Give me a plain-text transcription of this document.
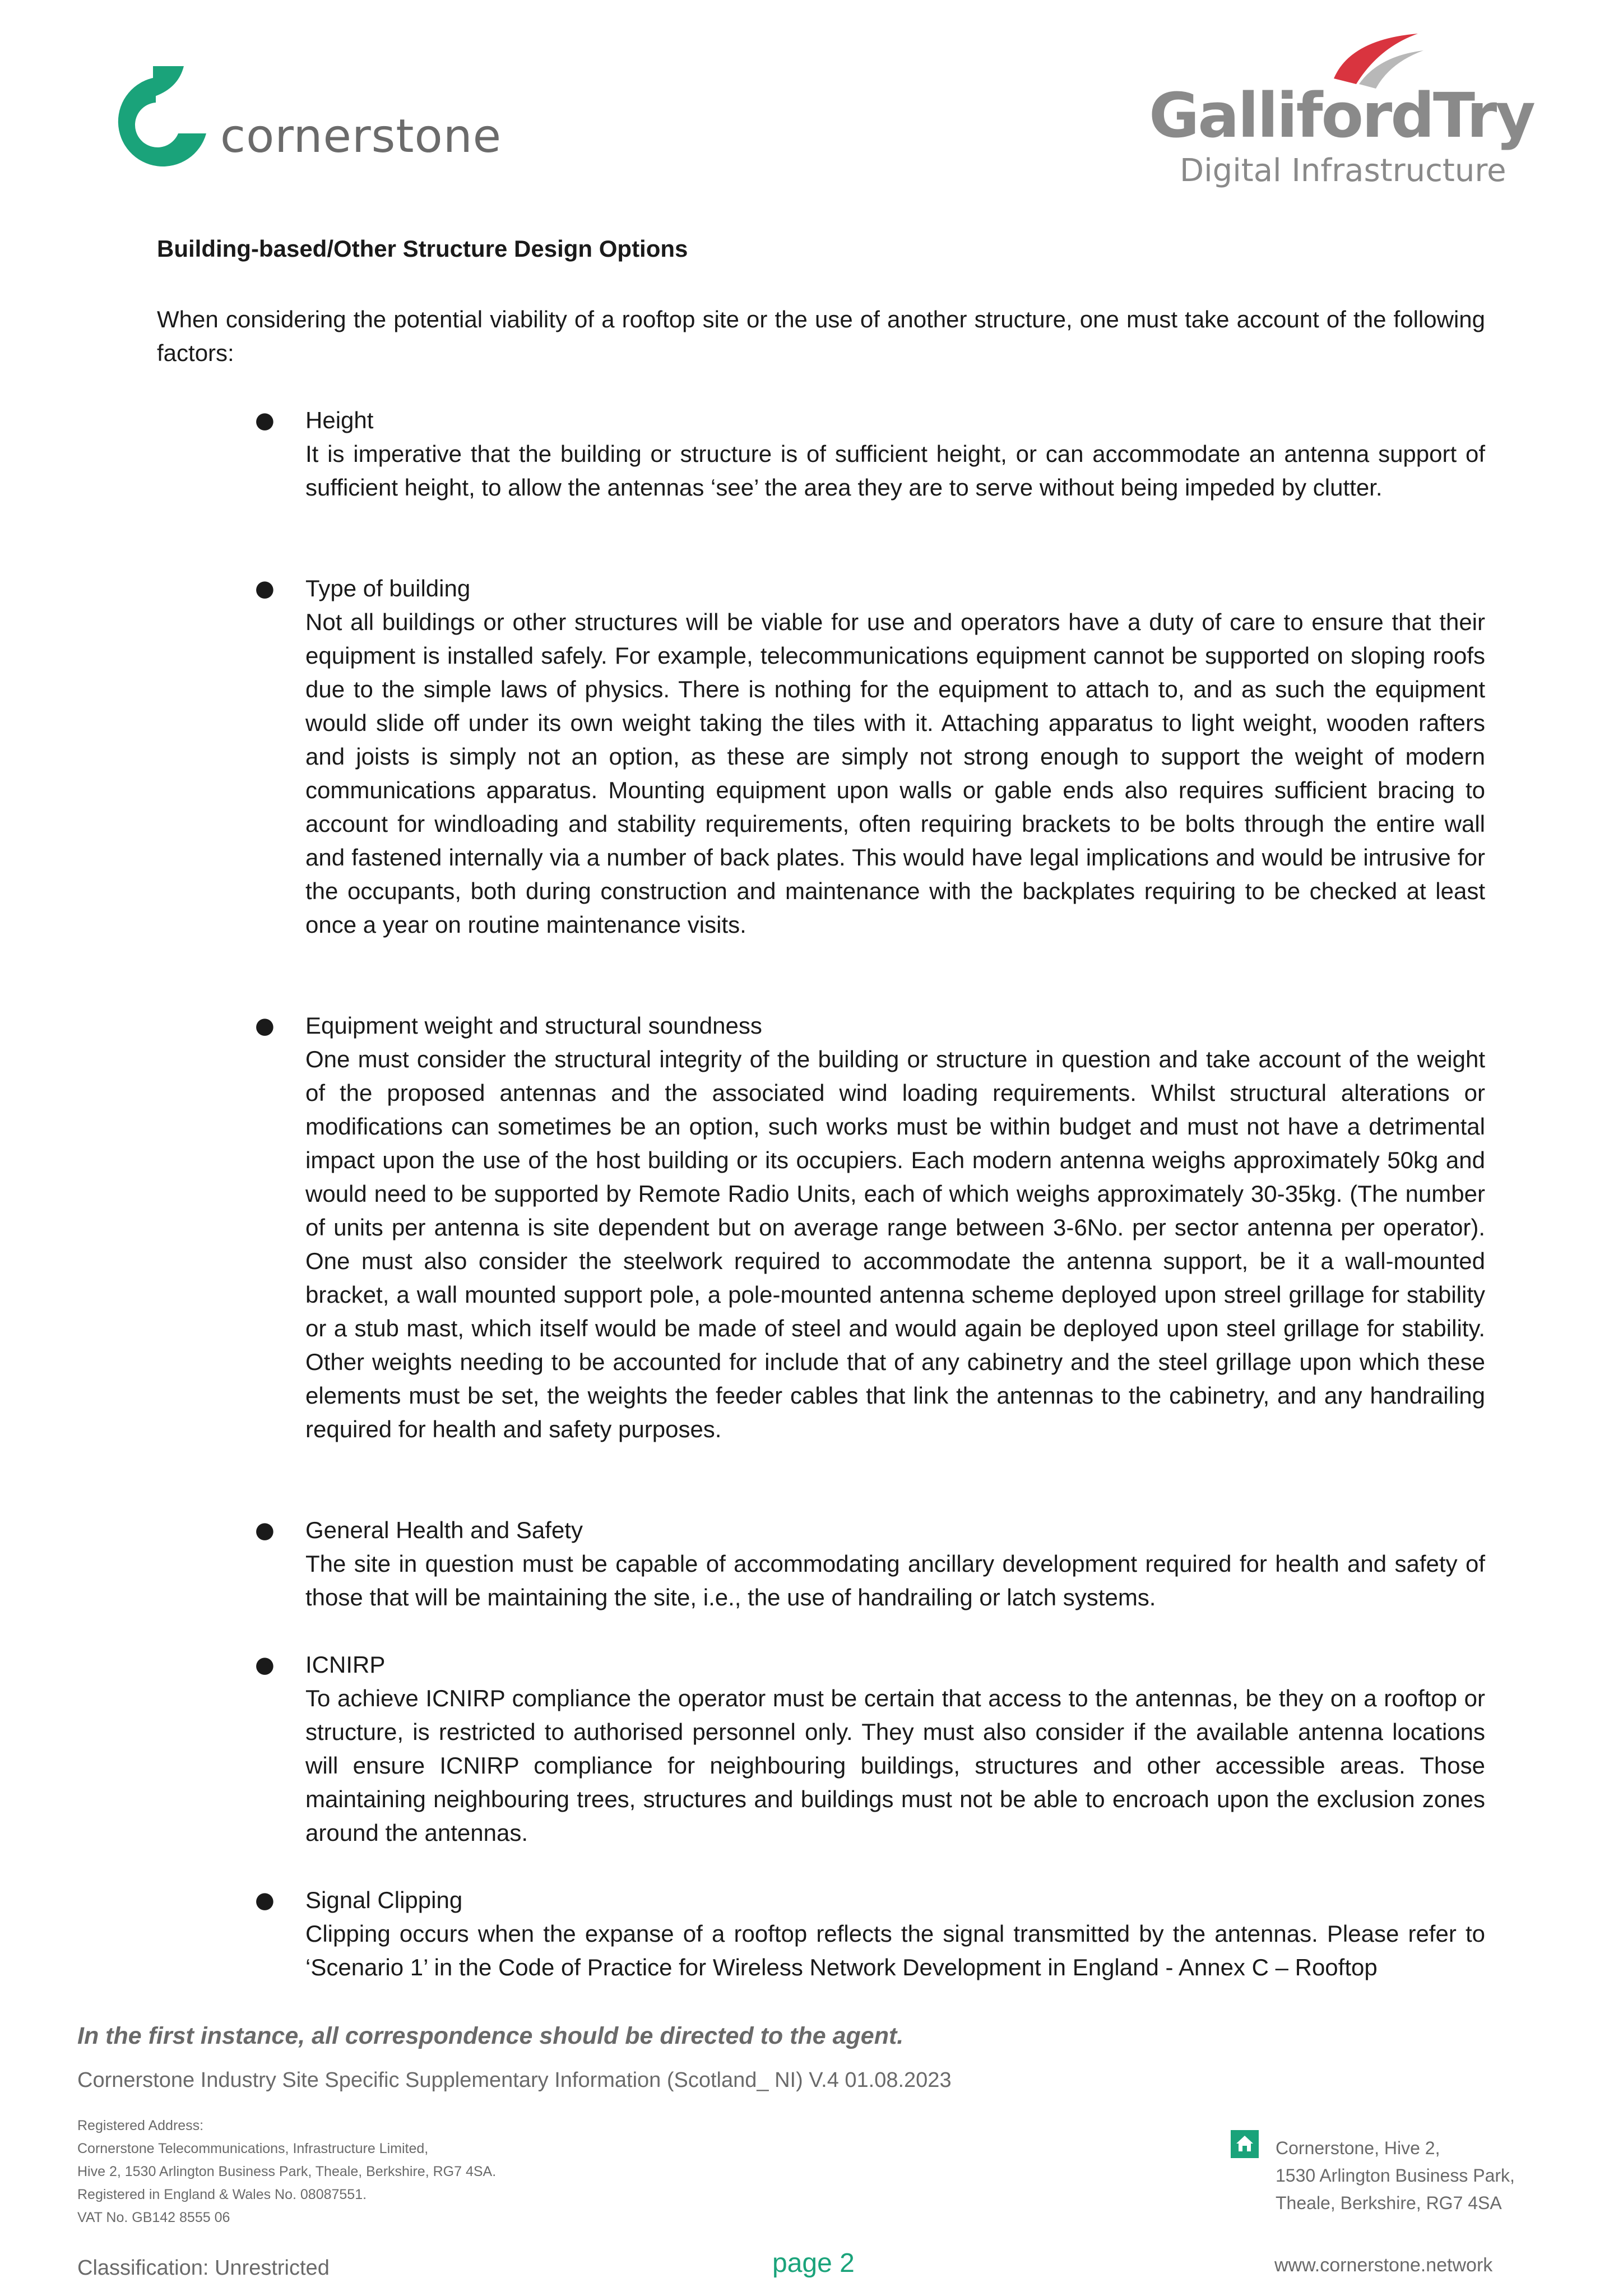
cornerstone	GallifordTry
Digital Infrastructure
Building-based/Other Structure Design Options
When considering the potential viability of a rooftop site or the use of another structure, one must take account of the following factors:
● Height
It is imperative that the building or structure is of sufficient height, or can accommodate an antenna support of sufficient height, to allow the antennas ‘see’ the area they are to serve without being impeded by clutter.
● Type of building
Not all buildings or other structures will be viable for use and operators have a duty of care to ensure that their equipment is installed safely. For example, telecommunications equipment cannot be supported on sloping roofs due to the simple laws of physics. There is nothing for the equipment to attach to, and as such the equipment would slide off under its own weight taking the tiles with it. Attaching apparatus to light weight, wooden rafters and joists is simply not an option, as these are simply not strong enough to support the weight of modern communications apparatus. Mounting equipment upon walls or gable ends also requires sufficient bracing to account for windloading and stability requirements, often requiring brackets to be bolts through the entire wall and fastened internally via a number of back plates. This would have legal implications and would be intrusive for the occupants, both during construction and maintenance with the backplates requiring to be checked at least once a year on routine maintenance visits.
● Equipment weight and structural soundness
One must consider the structural integrity of the building or structure in question and take account of the weight of the proposed antennas and the associated wind loading requirements. Whilst structural alterations or modifications can sometimes be an option, such works must be within budget and must not have a detrimental impact upon the use of the host building or its occupiers. Each modern antenna weighs approximately 50kg and would need to be supported by Remote Radio Units, each of which weighs approximately 30-35kg. (The number of units per antenna is site dependent but on average range between 3-6No. per sector antenna per operator). One must also consider the steelwork required to accommodate the antenna support, be it a wall-mounted bracket, a wall mounted support pole, a pole-mounted antenna scheme deployed upon streel grillage for stability or a stub mast, which itself would be made of steel and would again be deployed upon steel grillage for stability. Other weights needing to be accounted for include that of any cabinetry and the steel grillage upon which these elements must be set, the weights the feeder cables that link the antennas to the cabinetry, and any handrailing required for health and safety purposes.
● General Health and Safety
The site in question must be capable of accommodating ancillary development required for health and safety of those that will be maintaining the site, i.e., the use of handrailing or latch systems.
● ICNIRP
To achieve ICNIRP compliance the operator must be certain that access to the antennas, be they on a rooftop or structure, is restricted to authorised personnel only. They must also consider if the available antenna locations will ensure ICNIRP compliance for neighbouring buildings, structures and other accessible areas. Those maintaining neighbouring trees, structures and buildings must not be able to encroach upon the exclusion zones around the antennas.
● Signal Clipping
Clipping occurs when the expanse of a rooftop reflects the signal transmitted by the antennas. Please refer to ‘Scenario 1’ in the Code of Practice for Wireless Network Development in England - Annex C – Rooftop
In the first instance, all correspondence should be directed to the agent.
Cornerstone Industry Site Specific Supplementary Information (Scotland_ NI) V.4 01.08.2023
Registered Address:
Cornerstone Telecommunications, Infrastructure Limited,
Hive 2, 1530 Arlington Business Park, Theale, Berkshire, RG7 4SA.
Registered in England & Wales No. 08087551.
VAT No. GB142 8555 06
Cornerstone, Hive 2,
1530 Arlington Business Park,
Theale, Berkshire, RG7 4SA
Classification: Unrestricted	page 2	www.cornerstone.network
